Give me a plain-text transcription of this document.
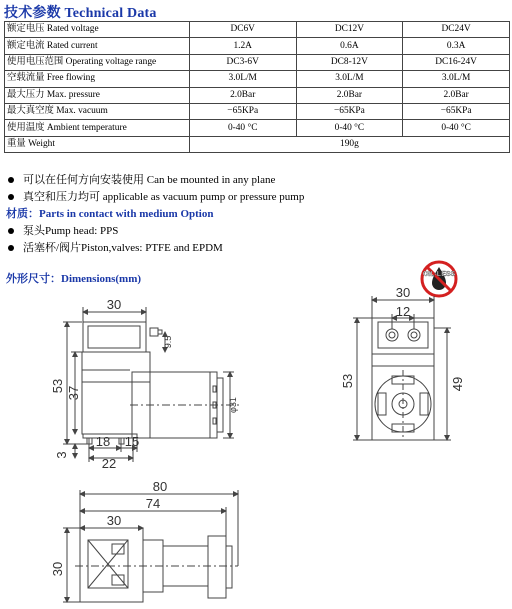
技术参数 Technical Data
额定电压 Rated voltage	DC6V	DC12V	DC24V
额定电流 Rated current	1.2A	0.6A	0.3A
使用电压范围 Operating voltage range	DC3-6V	DC8-12V	DC16-24V
空载流量 Free flowing	3.0L/M	3.0L/M	3.0L/M
最大压力 Max. pressure	2.0Bar	2.0Bar	2.0Bar
最大真空度 Max. vacuum	−65KPa	−65KPa	−65KPa
使用温度 Ambient temperature	0-40 °C	0-40 °C	0-40 °C
重量 Weight	190g		
可以在任何方向安装使用 Can be mounted in any plane
真空和压力均可 applicable as vacuum pump or pressure pump
材质：Parts in contact with medium Option
泵头Pump head: PPS
活塞杯/阀片Piston,valves: PTFE and EPDM
外形尺寸：Dimensions(mm)	OIL-LESS
30
53 37
9.5
φ31
3
18 15
22
30
12
53	49
80
74
30
30
